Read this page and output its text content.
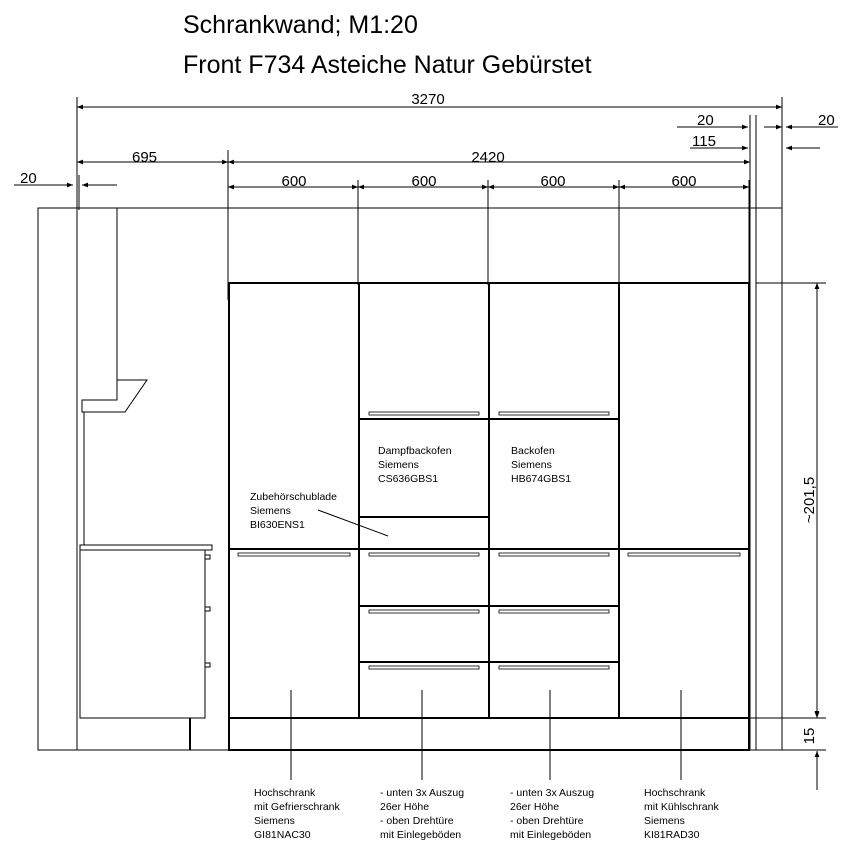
Schrankwand; M1:20
Front F734 Asteiche Natur Gebürstet
3270
20	20
115
695	2420
20	600	600	600	600
Dampfbackofen
Siemens
CS636GBS1
Backofen
Siemens
HB674GBS1
Zubehörschublade
Siemens
BI630ENS1
~201,5
15
Hochschrank
mit Gefrierschrank
Siemens
GI81NAC30
- unten 3x Auszug
26er Höhe
- oben Drehtüre
mit Einlegeböden
- unten 3x Auszug
26er Höhe
- oben Drehtüre
mit Einlegeböden
Hochschrank
mit Kühlschrank
Siemens
KI81RAD30
